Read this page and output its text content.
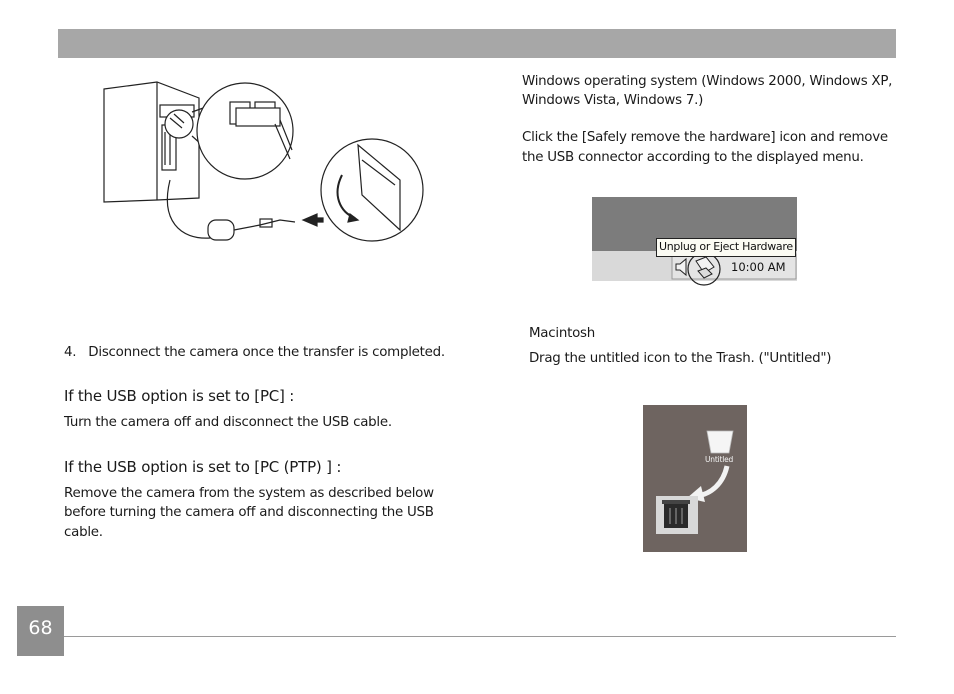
4.   Disconnect the camera once the transfer is completed.
If the USB option is set to [PC] :
Turn the camera off and disconnect the USB cable.
If the USB option is set to [PC (PTP) ] :
Remove the camera from the system as described below
before turning the camera off and disconnecting the USB
cable.
Windows operating system (Windows 2000, Windows XP,
Windows Vista, Windows 7.)
Click the [Safely remove the hardware] icon and remove
the USB connector according to the displayed menu.
Unplug or Eject Hardware
10:00 AM
Macintosh
Drag the untitled icon to the Trash. ("Untitled")
Untitled
68
